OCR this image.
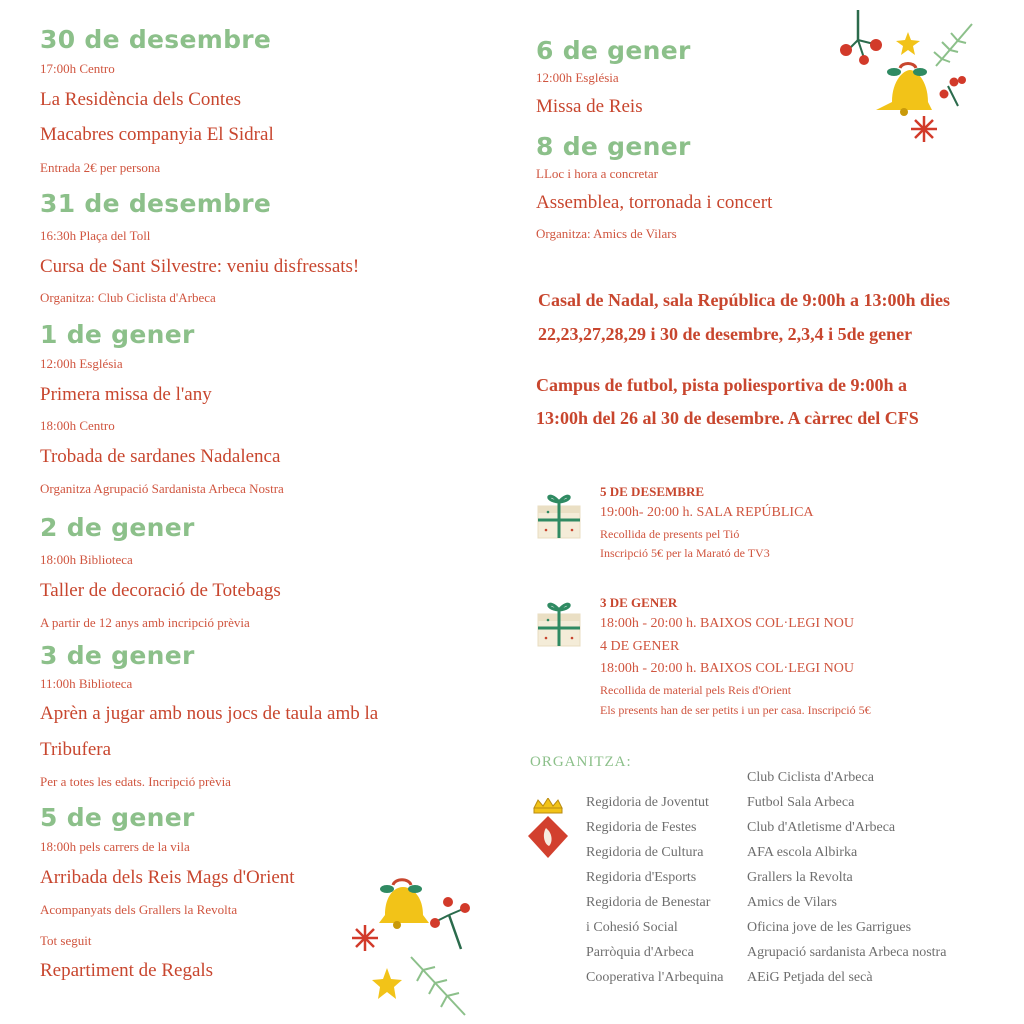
30 de desembre
17:00h Centro
La Residència dels Contes
Macabres companyia El Sidral
Entrada 2€ per persona
31 de desembre
16:30h Plaça del Toll
Cursa de Sant Silvestre: veniu disfressats!
Organitza: Club Ciclista d'Arbeca
1 de gener
12:00h Església
Primera missa de l'any
18:00h Centro
Trobada de sardanes Nadalenca
Organitza Agrupació Sardanista Arbeca Nostra
2 de gener
18:00h Biblioteca
Taller de decoració de Totebags
A partir de 12 anys amb incripció prèvia
3 de gener
11:00h Biblioteca
Aprèn a jugar amb nous jocs de taula amb la
Tribufera
Per a totes les edats. Incripció prèvia
5 de gener
18:00h pels carrers de la vila
Arribada dels Reis Mags d'Orient
Acompanyats dels Grallers la Revolta
Tot seguit
Repartiment de Regals
6 de gener
12:00h Església
Missa de Reis
8 de gener
LLoc i hora a concretar
Assemblea, torronada i concert
Organitza: Amics de Vilars
Casal de Nadal, sala República de 9:00h a 13:00h dies
22,23,27,28,29 i 30 de desembre, 2,3,4 i 5de gener
Campus de futbol, pista poliesportiva de 9:00h a
13:00h del 26 al 30 de desembre. A càrrec del CFS
5 DE DESEMBRE
19:00h- 20:00 h. SALA REPÚBLICA
Recollida de presents pel Tió
Inscripció 5€ per la Marató de TV3
3 DE GENER
18:00h - 20:00 h. BAIXOS COL·LEGI NOU
4 DE GENER
18:00h - 20:00 h. BAIXOS COL·LEGI NOU
Recollida de material pels Reis d'Orient
Els presents han de ser petits i un per casa. Inscripció 5€
ORGANITZA:
Regidoria de Joventut
Regidoria de Festes
Regidoria de Cultura
Regidoria d'Esports
Regidoria de Benestar
i Cohesió Social
Parròquia d'Arbeca
Cooperativa l'Arbequina
Club Ciclista d'Arbeca
Futbol Sala Arbeca
Club d'Atletisme d'Arbeca
AFA escola Albirka
Grallers la Revolta
Amics de Vilars
Oficina jove de les Garrigues
Agrupació sardanista Arbeca nostra
AEiG Petjada del secà
